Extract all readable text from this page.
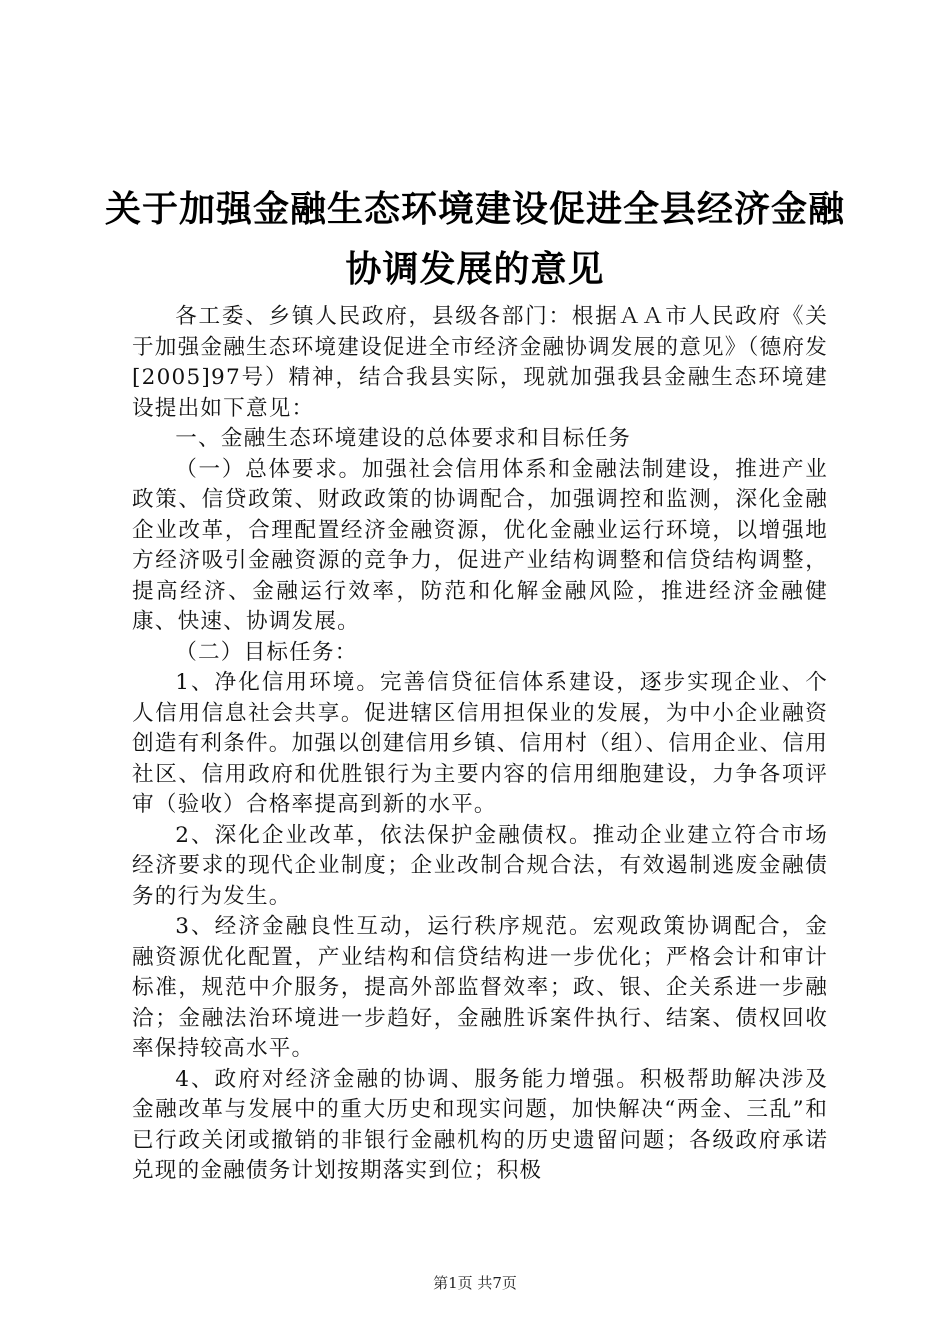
关于加强金融生态环境建设促进全县经济金融
协调发展的意见

各工委、乡镇人民政府，县级各部门：根据ＡＡ市人民政府《关于加强金融生态环境建设促进全市经济金融协调发展的意见》（德府发[2005]97号）精神，结合我县实际，现就加强我县金融生态环境建设提出如下意见：

一、金融生态环境建设的总体要求和目标任务

（一）总体要求。加强社会信用体系和金融法制建设，推进产业政策、信贷政策、财政政策的协调配合，加强调控和监测，深化金融企业改革，合理配置经济金融资源，优化金融业运行环境，以增强地方经济吸引金融资源的竞争力，促进产业结构调整和信贷结构调整，提高经济、金融运行效率，防范和化解金融风险，推进经济金融健康、快速、协调发展。

（二）目标任务：

1、净化信用环境。完善信贷征信体系建设，逐步实现企业、个人信用信息社会共享。促进辖区信用担保业的发展，为中小企业融资创造有利条件。加强以创建信用乡镇、信用村（组）、信用企业、信用社区、信用政府和优胜银行为主要内容的信用细胞建设，力争各项评审（验收）合格率提高到新的水平。

2、深化企业改革，依法保护金融债权。推动企业建立符合市场经济要求的现代企业制度；企业改制合规合法，有效遏制逃废金融债务的行为发生。

3、经济金融良性互动，运行秩序规范。宏观政策协调配合，金融资源优化配置，产业结构和信贷结构进一步优化；严格会计和审计标准，规范中介服务，提高外部监督效率；政、银、企关系进一步融洽；金融法治环境进一步趋好，金融胜诉案件执行、结案、债权回收率保持较高水平。

4、政府对经济金融的协调、服务能力增强。积极帮助解决涉及金融改革与发展中的重大历史和现实问题，加快解决“两金、三乱”和已行政关闭或撤销的非银行金融机构的历史遗留问题；各级政府承诺兑现的金融债务计划按期落实到位；积极

第1页 共7页
